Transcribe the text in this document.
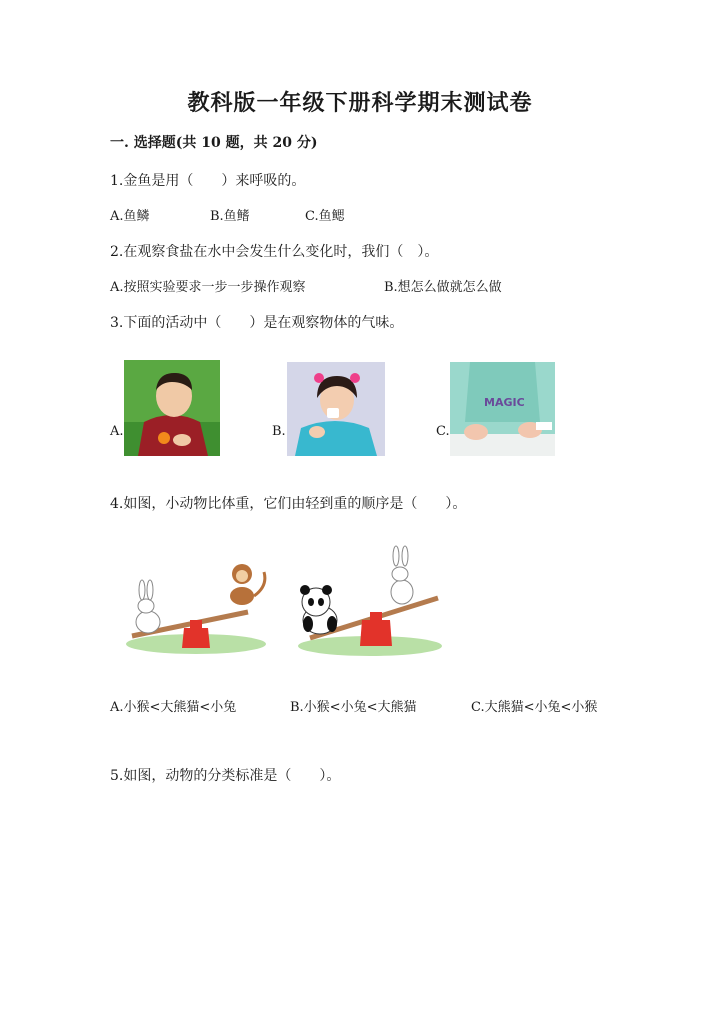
教科版一年级下册科学期末测试卷
一. 选择题(共 10 题，共 20 分)
1.金鱼是用（　　）来呼吸的。
A.鱼鳞	B.鱼鳍	C.鱼鳃
2.在观察食盐在水中会发生什么变化时，我们（　）。
A.按照实验要求一步一步操作观察	B.想怎么做就怎么做
3.下面的活动中（　　）是在观察物体的气味。
A.	B.	C.
MAGIC
4.如图，小动物比体重，它们由轻到重的顺序是（　　）。
A.小猴<大熊猫<小兔	B.小猴<小兔<大熊猫	C.大熊猫<小兔<小猴
5.如图，动物的分类标准是（　　）。
